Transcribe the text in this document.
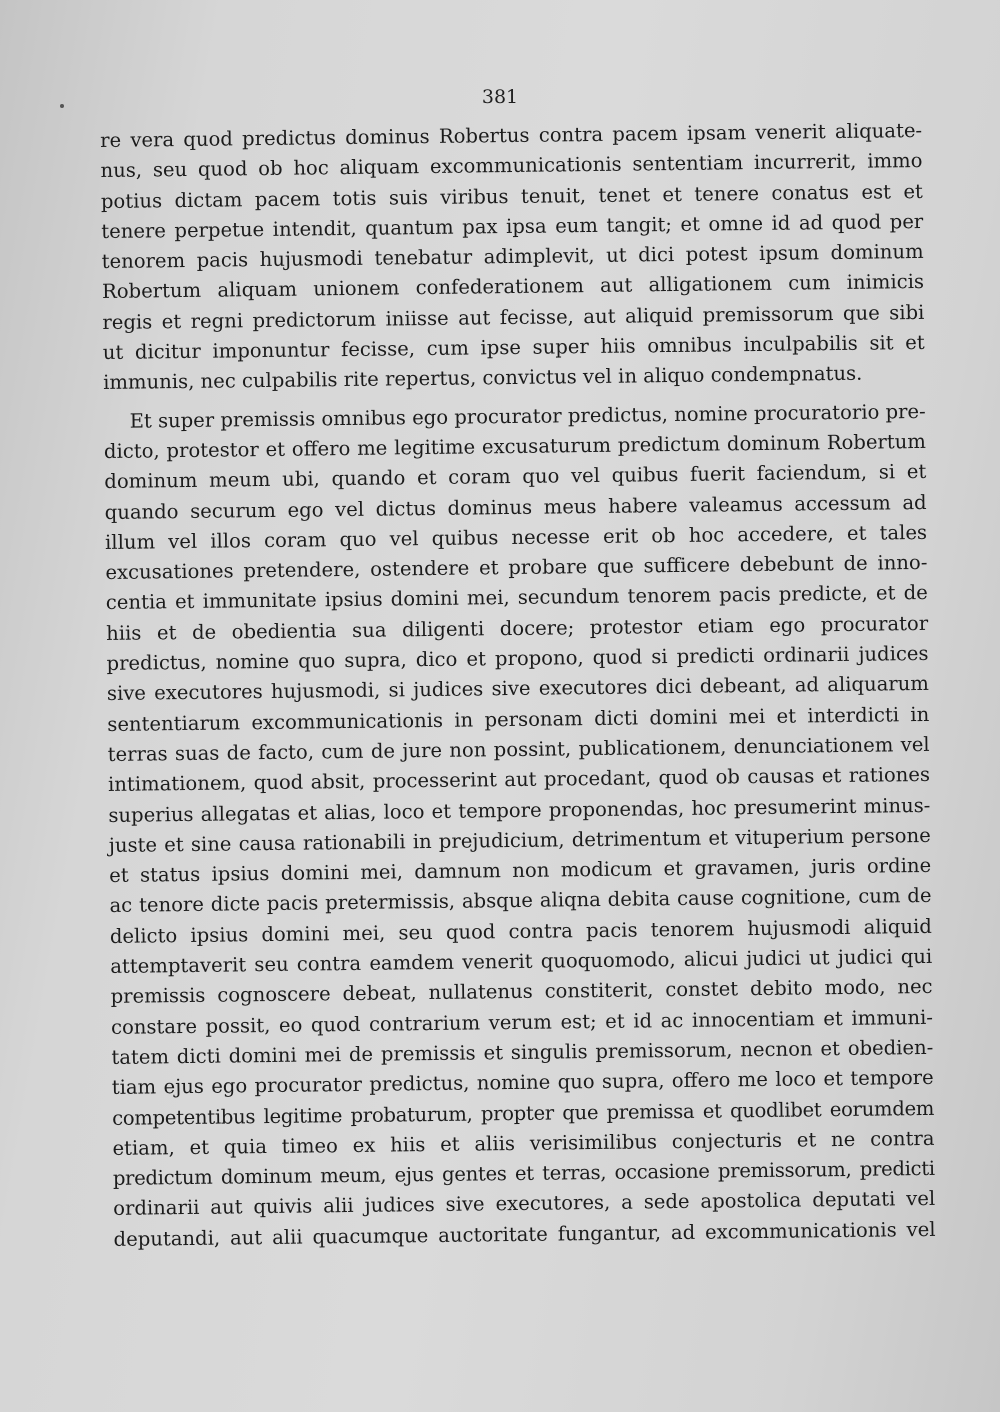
381
re vera quod predictus dominus Robertus contra pacem ipsam venerit aliquate-
nus, seu quod ob hoc aliquam excommunicationis sententiam incurrerit, immo
potius dictam pacem totis suis viribus tenuit, tenet et tenere conatus est et
tenere perpetue intendit, quantum pax ipsa eum tangit; et omne id ad quod per
tenorem pacis hujusmodi tenebatur adimplevit, ut dici potest ipsum dominum
Robertum aliquam unionem confederationem aut alligationem cum inimicis
regis et regni predictorum iniisse aut fecisse, aut aliquid premissorum que sibi
ut dicitur imponuntur fecisse, cum ipse super hiis omnibus inculpabilis sit et
immunis, nec culpabilis rite repertus, convictus vel in aliquo condempnatus.
Et super premissis omnibus ego procurator predictus, nomine procuratorio pre-
dicto, protestor et offero me legitime excusaturum predictum dominum Robertum
dominum meum ubi, quando et coram quo vel quibus fuerit faciendum, si et
quando securum ego vel dictus dominus meus habere valeamus accessum ad
illum vel illos coram quo vel quibus necesse erit ob hoc accedere, et tales
excusationes pretendere, ostendere et probare que sufficere debebunt de inno-
centia et immunitate ipsius domini mei, secundum tenorem pacis predicte, et de
hiis et de obedientia sua diligenti docere; protestor etiam ego procurator
predictus, nomine quo supra, dico et propono, quod si predicti ordinarii judices
sive executores hujusmodi, si judices sive executores dici debeant, ad aliquarum
sententiarum excommunicationis in personam dicti domini mei et interdicti in
terras suas de facto, cum de jure non possint, publicationem, denunciationem vel
intimationem, quod absit, processerint aut procedant, quod ob causas et rationes
superius allegatas et alias, loco et tempore proponendas, hoc presumerint minus-
juste et sine causa rationabili in prejudicium, detrimentum et vituperium persone
et status ipsius domini mei, damnum non modicum et gravamen, juris ordine
ac tenore dicte pacis pretermissis, absque aliqna debita cause cognitione, cum de
delicto ipsius domini mei, seu quod contra pacis tenorem hujusmodi aliquid
attemptaverit seu contra eamdem venerit quoquomodo, alicui judici ut judici qui
premissis cognoscere debeat, nullatenus constiterit, constet debito modo, nec
constare possit, eo quod contrarium verum est; et id ac innocentiam et immuni-
tatem dicti domini mei de premissis et singulis premissorum, necnon et obedien-
tiam ejus ego procurator predictus, nomine quo supra, offero me loco et tempore
competentibus legitime probaturum, propter que premissa et quodlibet eorumdem
etiam, et quia timeo ex hiis et aliis verisimilibus conjecturis et ne contra
predictum dominum meum, ejus gentes et terras, occasione premissorum, predicti
ordinarii aut quivis alii judices sive executores, a sede apostolica deputati vel
deputandi, aut alii quacumque auctoritate fungantur, ad excommunicationis vel
